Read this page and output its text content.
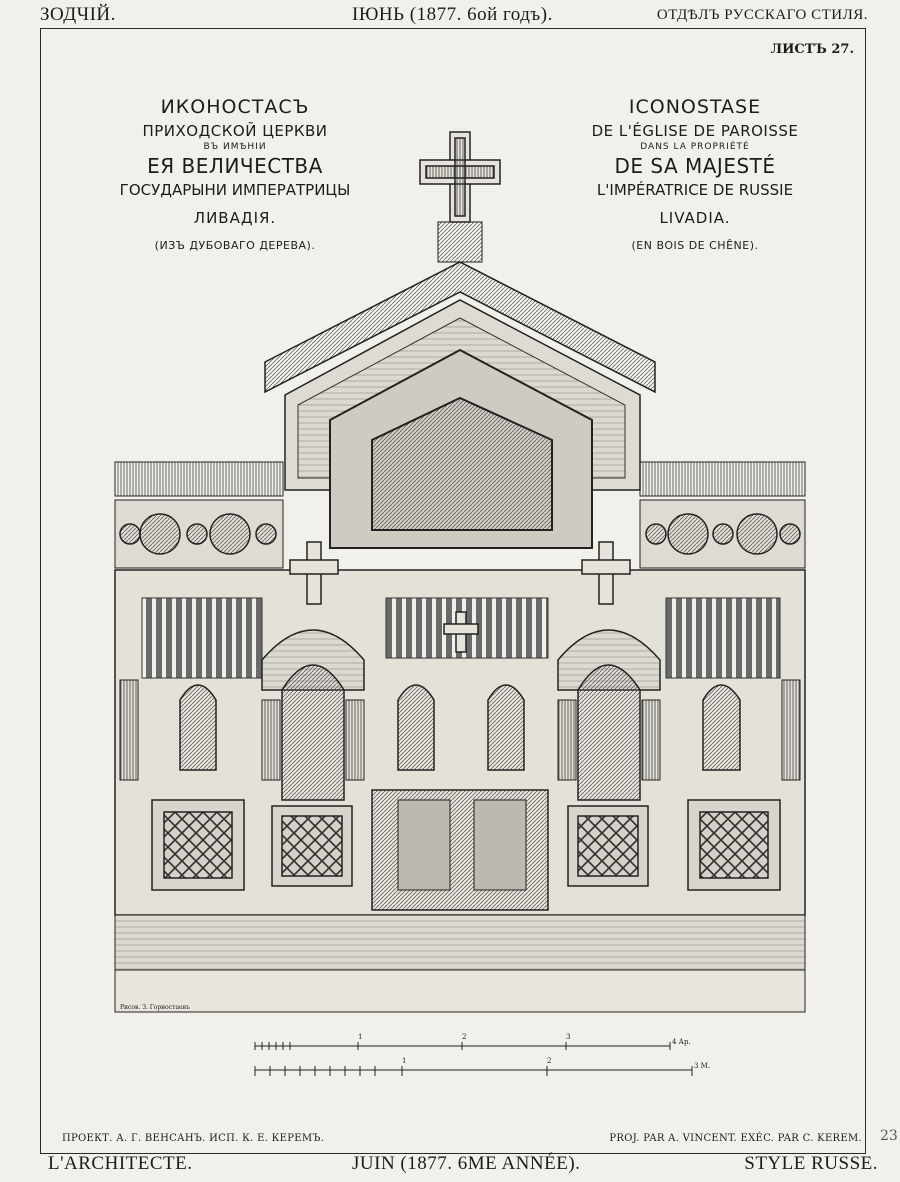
ЗОДЧІЙ.	ІЮНЬ (1877. 6ой годъ).	ОТДѢЛЪ РУССКАГО СТИЛЯ.
ЛИСТЪ 27.
ИКОНОСТАСЪ
ПРИХОДСКОЙ ЦЕРКВИ
ВЪ ИМѢНІИ
ЕЯ ВЕЛИЧЕСТВА
ГОСУДАРЫНИ ИМПЕРАТРИЦЫ
ЛИВАДІЯ.
(ИЗЪ ДУБОВАГО ДЕРЕВА).
ICONOSTASE
DE L'ÉGLISE DE PAROISSE
DANS LA PROPRIÉTÉ
DE SA MAJESTÉ
L'IMPÉRATRICE DE RUSSIE
LIVADIA.
(EN BOIS DE CHÊNE).
1	2	3
4 Ар.
1	2
3 М.
Рисов. З. Горностаевъ
ПРОЕКТ. А. Г. ВЕНСАНЪ. ИСП. К. Е. КЕРЕМЪ.	PROJ. PAR A. VINCENT. EXÉC. PAR C. KEREM.
L'ARCHITECTE.	JUIN (1877. 6ME ANNÉE).	STYLE RUSSE.
23
